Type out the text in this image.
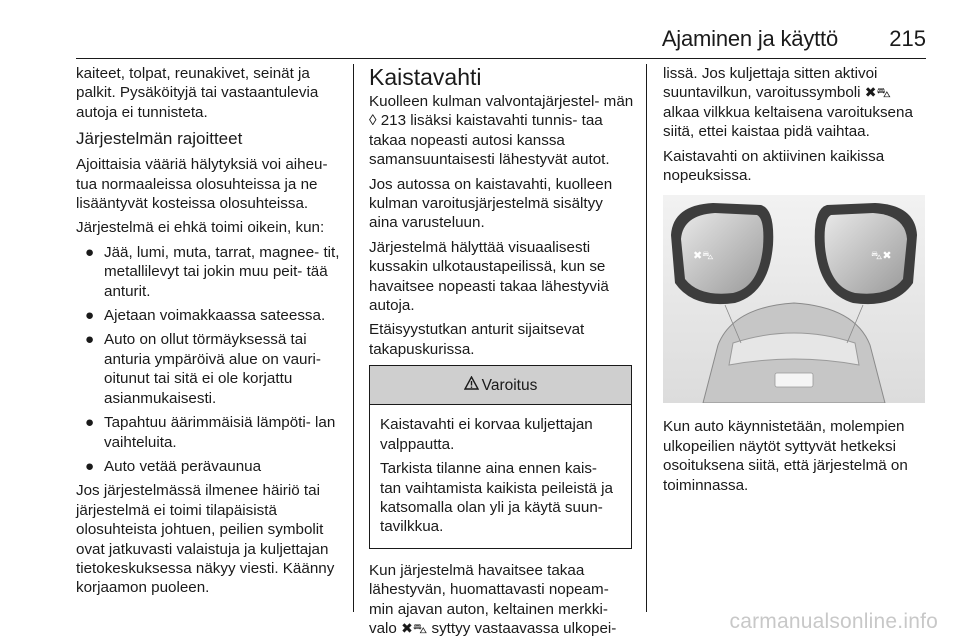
Ajaminen ja käyttö 215

kaiteet, tolpat, reunakivet, seinät ja palkit. Pysäköityjä tai vastaantulevia autoja ei tunnisteta.

Järjestelmän rajoitteet

Ajoittaisia vääriä hälytyksiä voi aiheu- tua normaaleissa olosuhteissa ja ne lisääntyvät kosteissa olosuhteissa.

Järjestelmä ei ehkä toimi oikein, kun:

● Jää, lumi, muta, tarrat, magnee- tit, metallilevyt tai jokin muu peit- tää anturit.
● Ajetaan voimakkaassa sateessa.
● Auto on ollut törmäyksessä tai anturia ympäröivä alue on vauri- oitunut tai sitä ei ole korjattu asianmukaisesti.
● Tapahtuu äärimmäisiä lämpöti- lan vaihteluita.
● Auto vetää perävaunua

Jos järjestelmässä ilmenee häiriö tai järjestelmä ei toimi tilapäisistä olosuhteista johtuen, peilien symbolit ovat jatkuvasti valaistuja ja kuljettajan tietokeskuksessa näkyy viesti. Käänny korjaamon puoleen.

Kaistavahti

Kuolleen kulman valvontajärjestel- män ◊ 213 lisäksi kaistavahti tunnis- taa takaa nopeasti autosi kanssa samansuuntaisesti lähestyvät autot.

Jos autossa on kaistavahti, kuolleen kulman varoitusjärjestelmä sisältyy aina varusteluun.

Järjestelmä hälyttää visuaalisesti kussakin ulkotaustapeilissä, kun se havaitsee nopeasti takaa lähestyviä autoja.

Etäisyystutkan anturit sijaitsevat takapuskurissa.

Varoitus

Kaistavahti ei korvaa kuljettajan valppautta.

Tarkista tilanne aina ennen kais- tan vaihtamista kaikista peileistä ja katsomalla olan yli ja käytä suun- tavilkkua.

Kun järjestelmä havaitsee takaa lähestyvän, huomattavasti nopeam- min ajavan auton, keltainen merkki- valo ✖⛍ syttyy vastaavassa ulkopei-

lissä. Jos kuljettaja sitten aktivoi suuntavilkun, varoitussymboli ✖⛍ alkaa vilkkua keltaisena varoituksena siitä, ettei kaistaa pidä vaihtaa.

Kaistavahti on aktiivinen kaikissa nopeuksissa.

✖⛍	⛍✖

Kun auto käynnistetään, molempien ulkopeilien näytöt syttyvät hetkeksi osoituksena siitä, että järjestelmä on toiminnassa.

carmanualsonline.info
